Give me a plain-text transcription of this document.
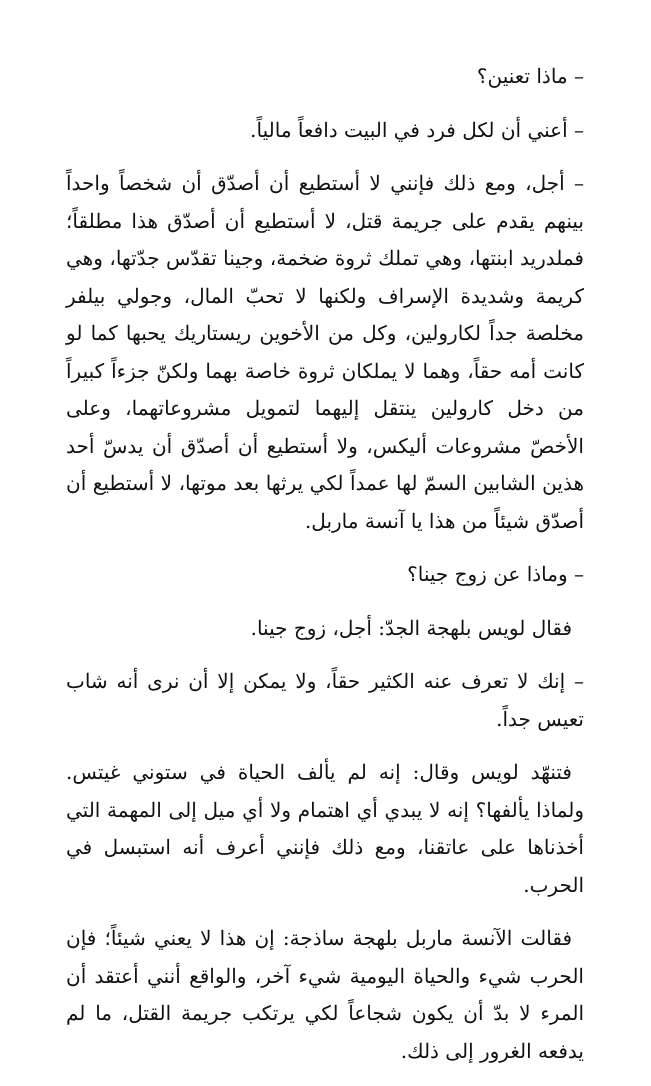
– ماذا تعنين؟

– أعني أن لكل فرد في البيت دافعاً مالياً.

– أجل، ومع ذلك فإنني لا أستطيع أن أصدّق أن شخصاً واحداً بينهم يقدم على جريمة قتل، لا أستطيع أن أصدّق هذا مطلقاً؛ فملدريد ابنتها، وهي تملك ثروة ضخمة، وجينا تقدّس جدّتها، وهي كريمة وشديدة الإسراف ولكنها لا تحبّ المال، وجولي بيلفر مخلصة جداً لكارولين، وكل من الأخوين ريستاريك يحبها كما لو كانت أمه حقاً، وهما لا يملكان ثروة خاصة بهما ولكنّ جزءاً كبيراً من دخل كارولين ينتقل إليهما لتمويل مشروعاتهما، وعلى الأخصّ مشروعات أليكس، ولا أستطيع أن أصدّق أن يدسّ أحد هذين الشابين السمّ لها عمداً لكي يرثها بعد موتها، لا أستطيع أن أصدّق شيئاً من هذا يا آنسة ماربل.

– وماذا عن زوج جينا؟

فقال لويس بلهجة الجدّ: أجل، زوج جينا.

– إنك لا تعرف عنه الكثير حقاً، ولا يمكن إلا أن نرى أنه شاب تعيس جداً.

فتنهّد لويس وقال: إنه لم يألف الحياة في ستوني غيتس. ولماذا يألفها؟ إنه لا يبدي أي اهتمام ولا أي ميل إلى المهمة التي أخذناها على عاتقنا، ومع ذلك فإنني أعرف أنه استبسل في الحرب.

فقالت الآنسة ماربل بلهجة ساذجة: إن هذا لا يعني شيئاً؛ فإن الحرب شيء والحياة اليومية شيء آخر، والواقع أنني أعتقد أن المرء لا بدّ أن يكون شجاعاً لكي يرتكب جريمة القتل، ما لم يدفعه الغرور إلى ذلك.
